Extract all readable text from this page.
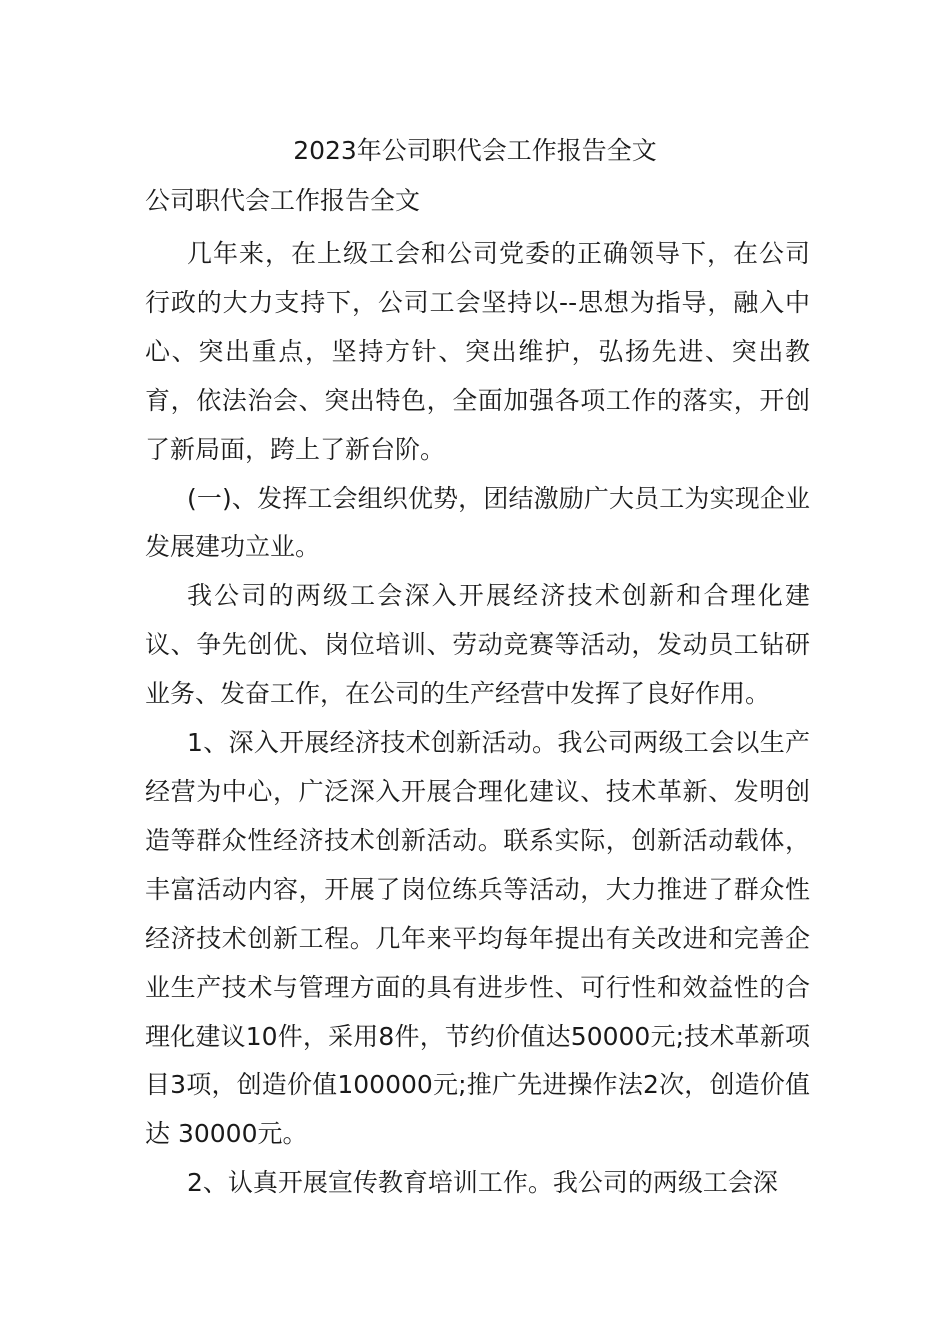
2023年公司职代会工作报告全文
公司职代会工作报告全文

几年来，在上级工会和公司党委的正确领导下，在公司行政的大力支持下，公司工会坚持以--思想为指导，融入中心、突出重点，坚持方针、突出维护，弘扬先进、突出教育，依法治会、突出特色，全面加强各项工作的落实，开创了新局面，跨上了新台阶。

(一)、发挥工会组织优势，团结激励广大员工为实现企业发展建功立业。

我公司的两级工会深入开展经济技术创新和合理化建议、争先创优、岗位培训、劳动竞赛等活动，发动员工钻研业务、发奋工作，在公司的生产经营中发挥了良好作用。

1、深入开展经济技术创新活动。我公司两级工会以生产经营为中心，广泛深入开展合理化建议、技术革新、发明创造等群众性经济技术创新活动。联系实际，创新活动载体，丰富活动内容，开展了岗位练兵等活动，大力推进了群众性经济技术创新工程。几年来平均每年提出有关改进和完善企业生产技术与管理方面的具有进步性、可行性和效益性的合理化建议10件，采用8件，节约价值达50000元;技术革新项目3项，创造价值100000元;推广先进操作法2次，创造价值达 30000元。

2、认真开展宣传教育培训工作。我公司的两级工会深
